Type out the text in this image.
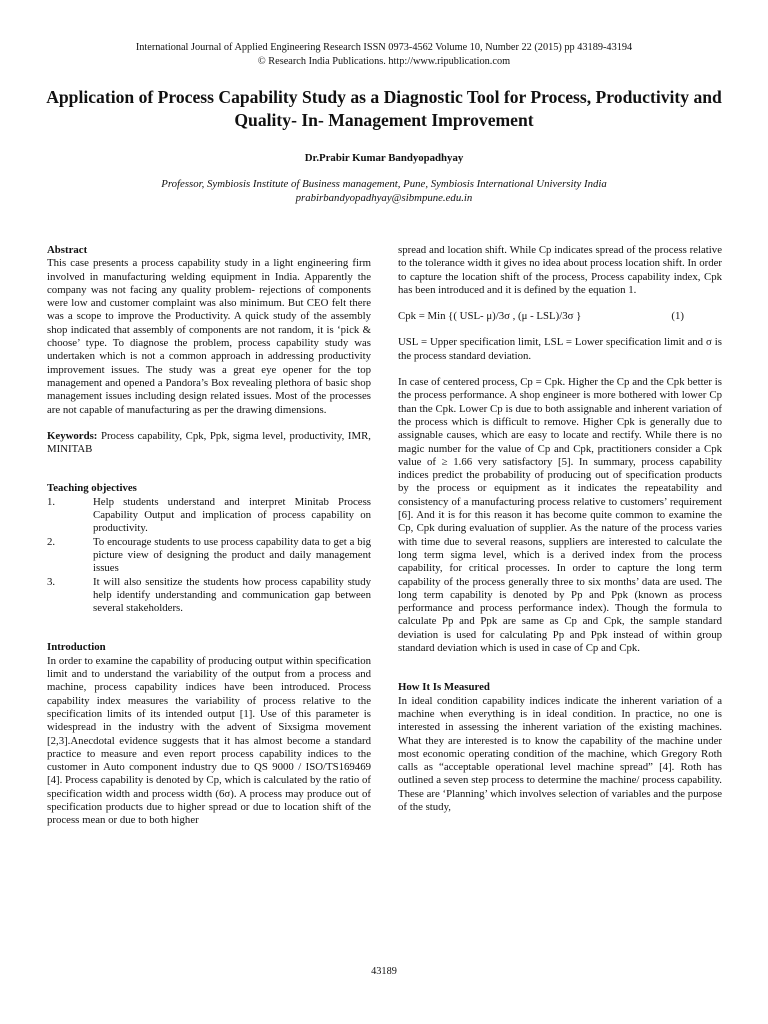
International Journal of Applied Engineering Research ISSN 0973-4562 Volume 10, Number 22 (2015) pp 43189-43194
© Research India Publications. http://www.ripublication.com
Application of Process Capability Study as a Diagnostic Tool for Process, Productivity and Quality- In- Management Improvement
Dr.Prabir Kumar Bandyopadhyay
Professor, Symbiosis Institute of Business management, Pune, Symbiosis International University India
prabirbandyopadhyay@sibmpune.edu.in

Abstract

This case presents a process capability study in a light engineering firm involved in manufacturing welding equipment in India. Apparently the company was not facing any quality problem- rejections of components were low and customer complaint was also minimum. But CEO felt there was a scope to improve the Productivity. A quick study of the assembly shop indicated that assembly of components are not random, it is ‘pick & choose’ type. To diagnose the problem, process capability study was undertaken which is not a common approach in addressing productivity improvement issues. The study was a great eye opener for the top management and opened a Pandora’s Box revealing plethora of basic shop management issues including design related issues. Most of the processes are not capable of manufacturing as per the drawing dimensions.

Keywords: Process capability, Cpk, Ppk, sigma level, productivity, IMR, MINITAB

Teaching objectives

1.	Help students understand and interpret Minitab Process Capability Output and implication of process capability on productivity.
2.	To encourage students to use process capability data to get a big picture view of designing the product and daily management issues
3.	It will also sensitize the students how process capability study help identify understanding and communication gap between several stakeholders.

Introduction

In order to examine the capability of producing output within specification limit and to understand the variability of the output from a process and machine, process capability indices have been introduced. Process capability index measures the variability of process relative to the specification limits of its intended output [1]. Use of this parameter is widespread in the industry with the advent of Sixsigma movement [2,3].Anecdotal evidence suggests that it has almost become a standard practice to measure and even report process capability indices to the customer in Auto component industry due to QS 9000 / ISO/TS169469 [4]. Process capability is denoted by Cp, which is calculated by the ratio of specification width and process width (6σ). A process may produce out of specification products due to higher spread or due to location shift of the process mean or due to both higher

spread and location shift. While Cp indicates spread of the process relative to the tolerance width it gives no idea about process location shift. In order to capture the location shift of the process, Process capability index, Cpk has been introduced and it is defined by the equation 1.

Cpk = Min {( USL- μ)/3σ , (μ - LSL)/3σ }	(1)

USL = Upper specification limit, LSL = Lower specification limit and σ is the process standard deviation.

In case of centered process, Cp = Cpk. Higher the Cp and the Cpk better is the process performance. A shop engineer is more bothered with lower Cp than the Cpk. Lower Cp is due to both assignable and inherent variation of the process which is difficult to remove. Higher Cpk is generally due to assignable causes, which are easy to locate and rectify. While there is no magic number for the value of Cp and Cpk, practitioners consider a Cpk value of ≥ 1.66 very satisfactory [5]. In summary, process capability indices predict the probability of producing out of specification products by the process or equipment as it indicates the repeatability and consistency of a manufacturing process relative to customers’ requirement [6]. And it is for this reason it has become quite common to examine the Cp, Cpk during evaluation of supplier. As the nature of the process varies with time due to several reasons, suppliers are interested to calculate the long term sigma level, which is a derived index from the process capability, for critical processes. In order to capture the long term capability of the process generally three to six months’ data are used. The long term capability is denoted by Pp and Ppk (known as process performance and process performance index). Though the formula to calculate Pp and Ppk are same as Cp and Cpk, the sample standard deviation is used for calculating Pp and Ppk instead of within group standard deviation which is used in case of Cp and Cpk.

How It Is Measured

In ideal condition capability indices indicate the inherent variation of a machine when everything is in ideal condition. In practice, no one is interested in assessing the inherent variation of the existing machines. What they are interested is to know the capability of the machine under most economic operating condition of the machine, which Gregory Roth calls as “acceptable operational level machine spread” [4]. Roth has outlined a seven step process to determine the machine/ process capability. These are ‘Planning’ which involves selection of variables and the purpose of the study,

43189
